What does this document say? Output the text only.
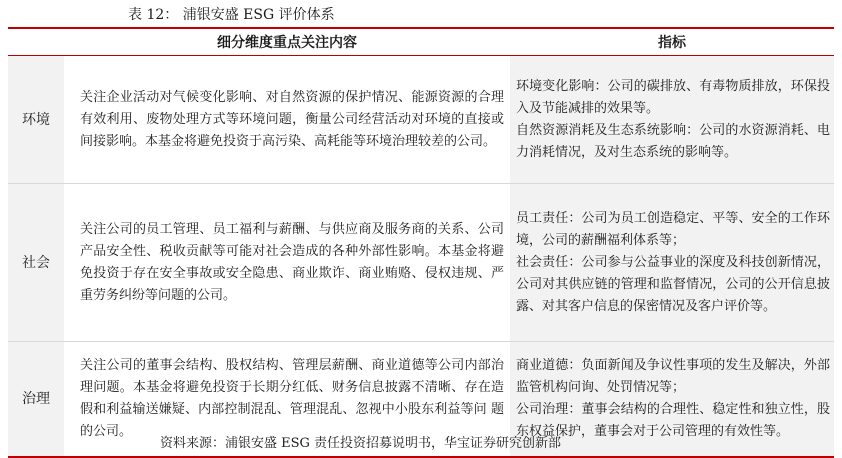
表 12： 浦银安盛 ESG 评价体系
	细分维度重点关注内容	指标
环境	关注企业活动对气候变化影响、对自然资源的保护情况、能源资源的合理有效利用、废物处理方式等环境问题，衡量公司经营活动对环境的直接或间接影响。本基金将避免投资于高污染、高耗能等环境治理较差的公司。	环境变化影响：公司的碳排放、有毒物质排放，环保投入及节能减排的效果等。

自然资源消耗及生态系统影响：公司的水资源消耗、电力消耗情况，及对生态系统的影响等。

社会	关注公司的员工管理、员工福利与薪酬、与供应商及服务商的关系、公司产品安全性、税收贡献等可能对社会造成的各种外部性影响。本基金将避免投资于存在安全事故或安全隐患、商业欺诈、商业贿赂、侵权违规、严 重劳务纠纷等问题的公司。	员工责任：公司为员工创造稳定、平等、安全的工作环境，公司的薪酬福利体系等；

社会责任：公司参与公益事业的深度及科技创新情况，公司对其供应链的管理和监督情况，公司的公开信息披露、对其客户信息的保密情况及客户评价等。

治理	关注公司的董事会结构、股权结构、管理层薪酬、商业道德等公司内部治理问题。本基金将避免投资于长期分红低、财务信息披露不清晰、存在造假和利益输送嫌疑、内部控制混乱、管理混乱、忽视中小股东利益等问 题的公司。	商业道德：负面新闻及争议性事项的发生及解决，外部监管机构问询、处罚情况等；

公司治理：董事会结构的合理性、稳定性和独立性，股东权益保护，董事会对于公司管理的有效性等。

资料来源：浦银安盛 ESG 责任投资招募说明书，华宝证券研究创新部
